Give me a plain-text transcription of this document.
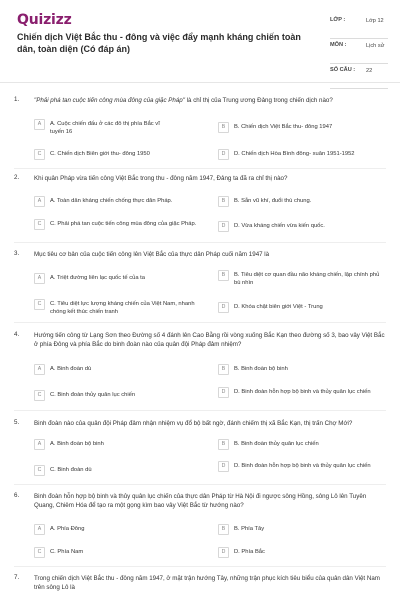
Quizizz
Chiến dịch Việt Bắc thu - đông và việc đẩy mạnh kháng chiến toàn dân, toàn diện (Có đáp án)
LỚP :	Lớp 12
MÔN :	Lịch sử
SỐ CÂU : 22
1. "Phải phá tan cuộc tiến công mùa đông của giặc Pháp" là chỉ thị của Trung ương Đảng trong chiến dịch nào?
A	A. Cuộc chiến đấu ở các đô thị phía Bắc vĩ tuyến 16
B	B. Chiến dịch Việt Bắc thu- đông 1947
C	C. Chiến dịch Biên giới thu- đông 1950	D	D. Chiến dịch Hòa Bình đông- xuân 1951-1952
2. Khi quân Pháp vừa tiến công Việt Bắc trong thu - đông năm 1947, Đảng ta đã ra chỉ thị nào?
A	A. Toàn dân kháng chiến chống thực dân Pháp.	B	B. Sẵn vũ khí, đuổi thù chung.
C	C. Phải phá tan cuộc tiến công mùa đông của giặc Pháp.	D	D. Vừa kháng chiến vừa kiến quốc.
3. Mục tiêu cơ bản của cuộc tiến công lên Việt Bắc của thực dân Pháp cuối năm 1947 là
A	A. Triệt đường liên lạc quốc tế của ta	B	B. Tiêu diệt cơ quan đầu não kháng chiến, lập chính phủ bù nhìn
C	C. Tiêu diệt lực lượng kháng chiến của Việt Nam, nhanh chóng kết thúc chiến tranh
D	D. Khóa chặt biên giới Việt - Trung
4. Hướng tiến công từ Lạng Sơn theo Đường số 4 đánh lên Cao Bằng rồi vòng xuống Bắc Kạn theo đường số 3, bao vây Việt Bắc ở phía Đông và phía Bắc do binh đoàn nào của quân đội Pháp đảm nhiệm?
A	A. Binh đoàn dù	B	B. Binh đoàn bộ binh
C	C. Binh đoàn thủy quân lục chiến	D	D. Binh đoàn hỗn hợp bộ binh và thủy quân lục chiến
5. Binh đoàn nào của quân đội Pháp đảm nhận nhiệm vụ đổ bộ bất ngờ, đánh chiếm thị xã Bắc Kạn, thị trấn Chợ Mới?
A	A. Binh đoàn bộ binh	B	B. Binh đoàn thủy quân lục chiến
C	C. Binh đoàn dù
D	D. Binh đoàn hỗn hợp bộ binh và thủy quân lục chiến
6. Binh đoàn hỗn hợp bộ binh và thủy quân lục chiến của thực dân Pháp từ Hà Nội đi ngược sông Hồng, sông Lô lên Tuyên Quang, Chiêm Hóa để tạo ra một gọng kìm bao vây Việt Bắc từ hướng nào?
A	A. Phía Đông	B	B. Phía Tây
C	C. Phía Nam	D	D. Phía Bắc
7. Trong chiến dịch Việt Bắc thu - đông năm 1947, ở mặt trận hướng Tây, những trận phục kích tiêu biểu của quân dân Việt Nam trên sông Lô là
